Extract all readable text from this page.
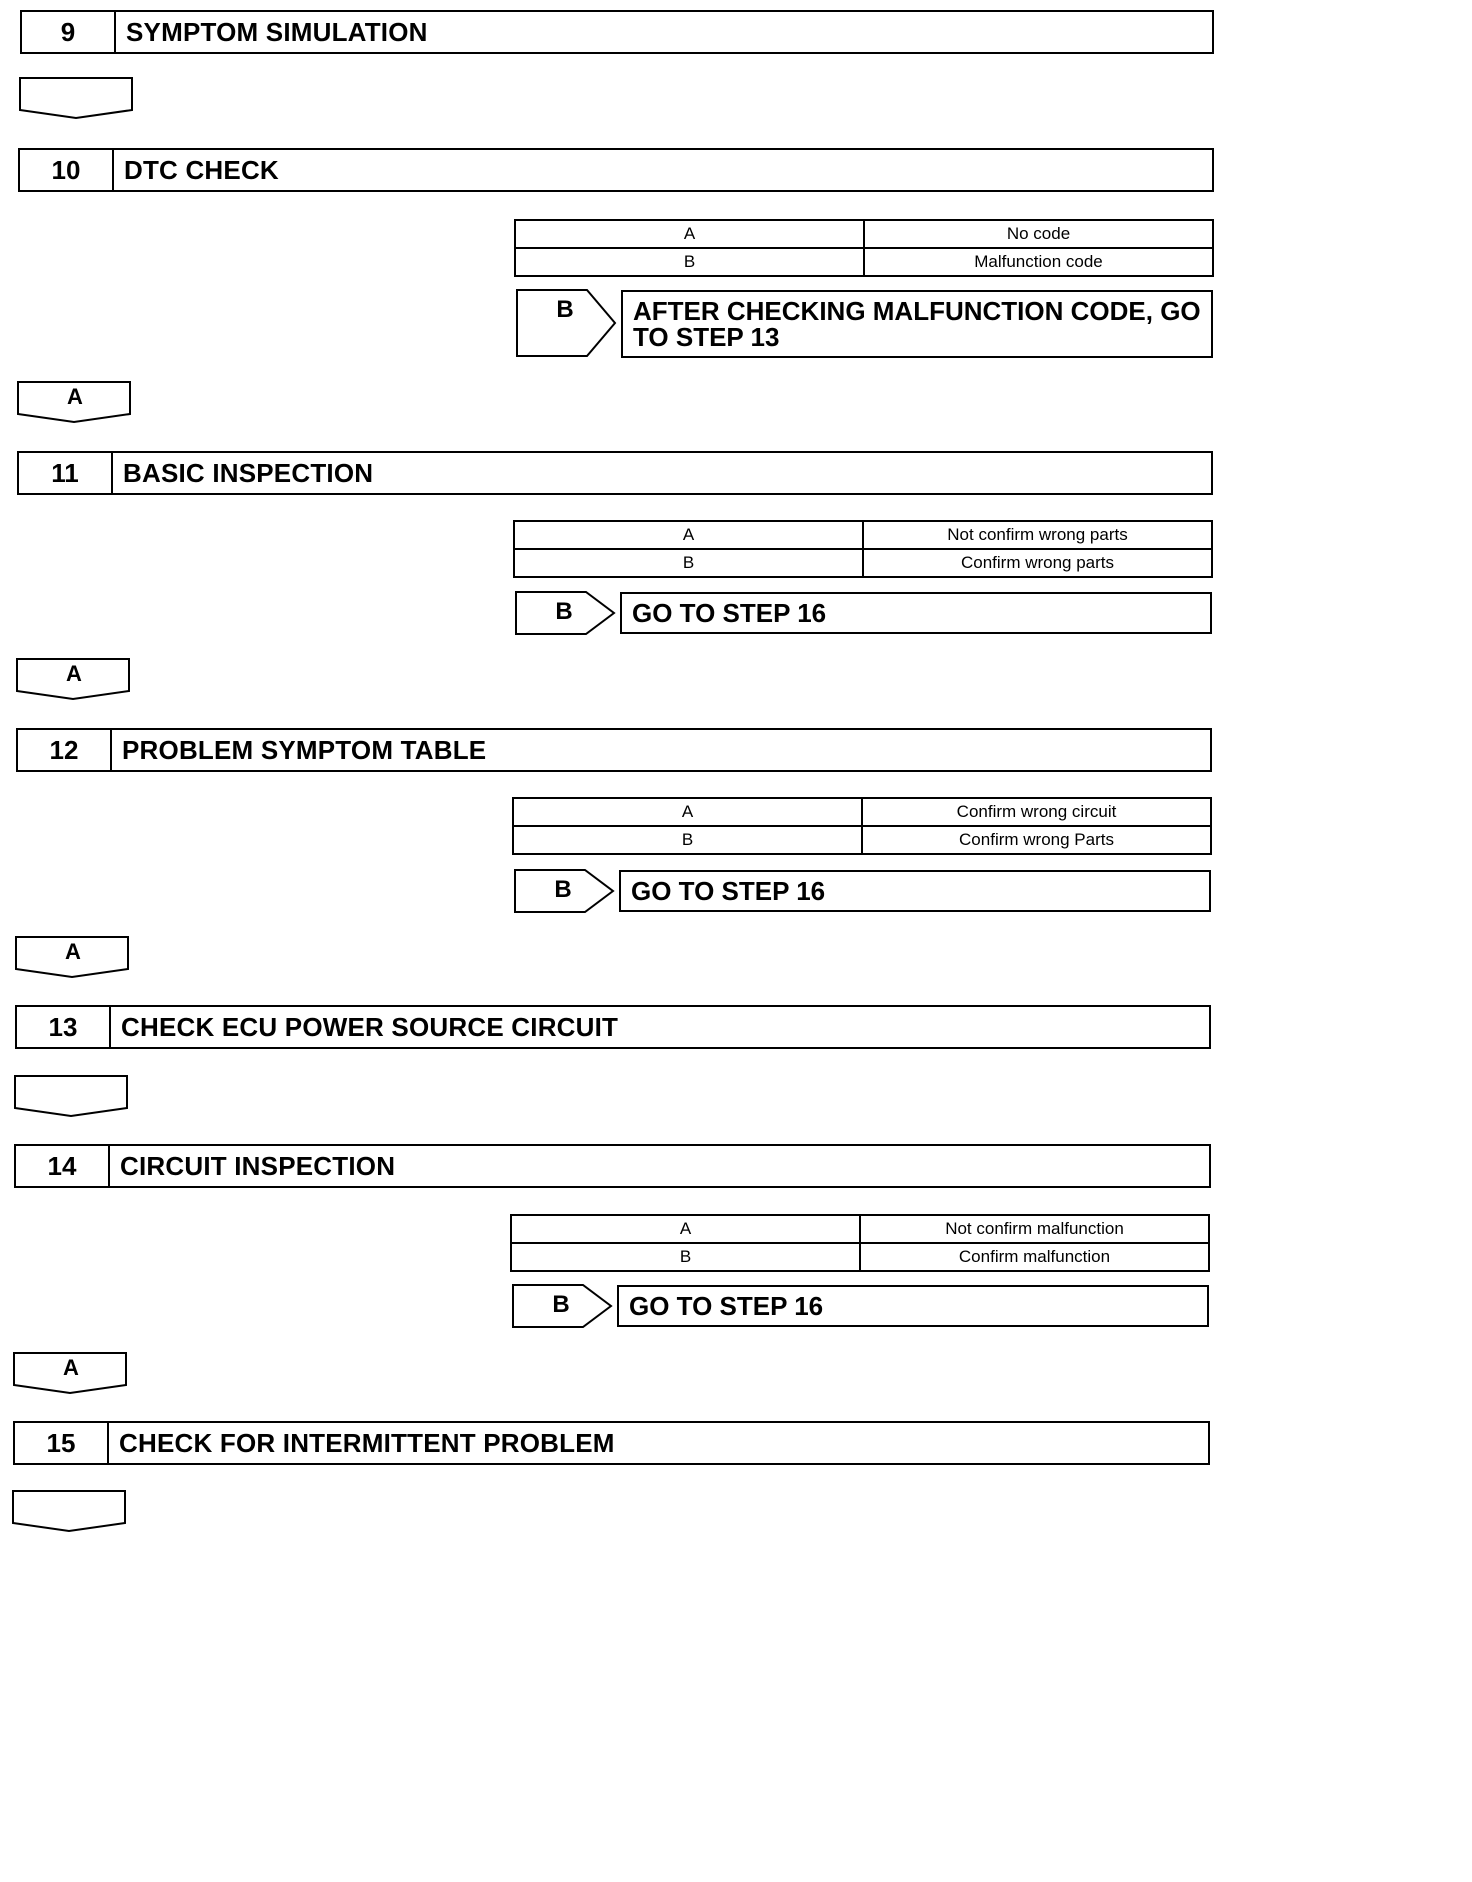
9	SYMPTOM SIMULATION
10	DTC CHECK
A	No code
B	Malfunction code
B	AFTER CHECKING MALFUNCTION CODE, GO TO STEP 13
A
11	BASIC INSPECTION
A	Not confirm wrong parts
B	Confirm wrong parts
B	GO TO STEP 16
A
12	PROBLEM SYMPTOM TABLE
A	Confirm wrong circuit
B	Confirm wrong Parts
B	GO TO STEP 16
A
13	CHECK ECU POWER SOURCE CIRCUIT
14	CIRCUIT INSPECTION
A	Not confirm malfunction
B	Confirm malfunction
B	GO TO STEP 16
A
15	CHECK FOR INTERMITTENT PROBLEM
